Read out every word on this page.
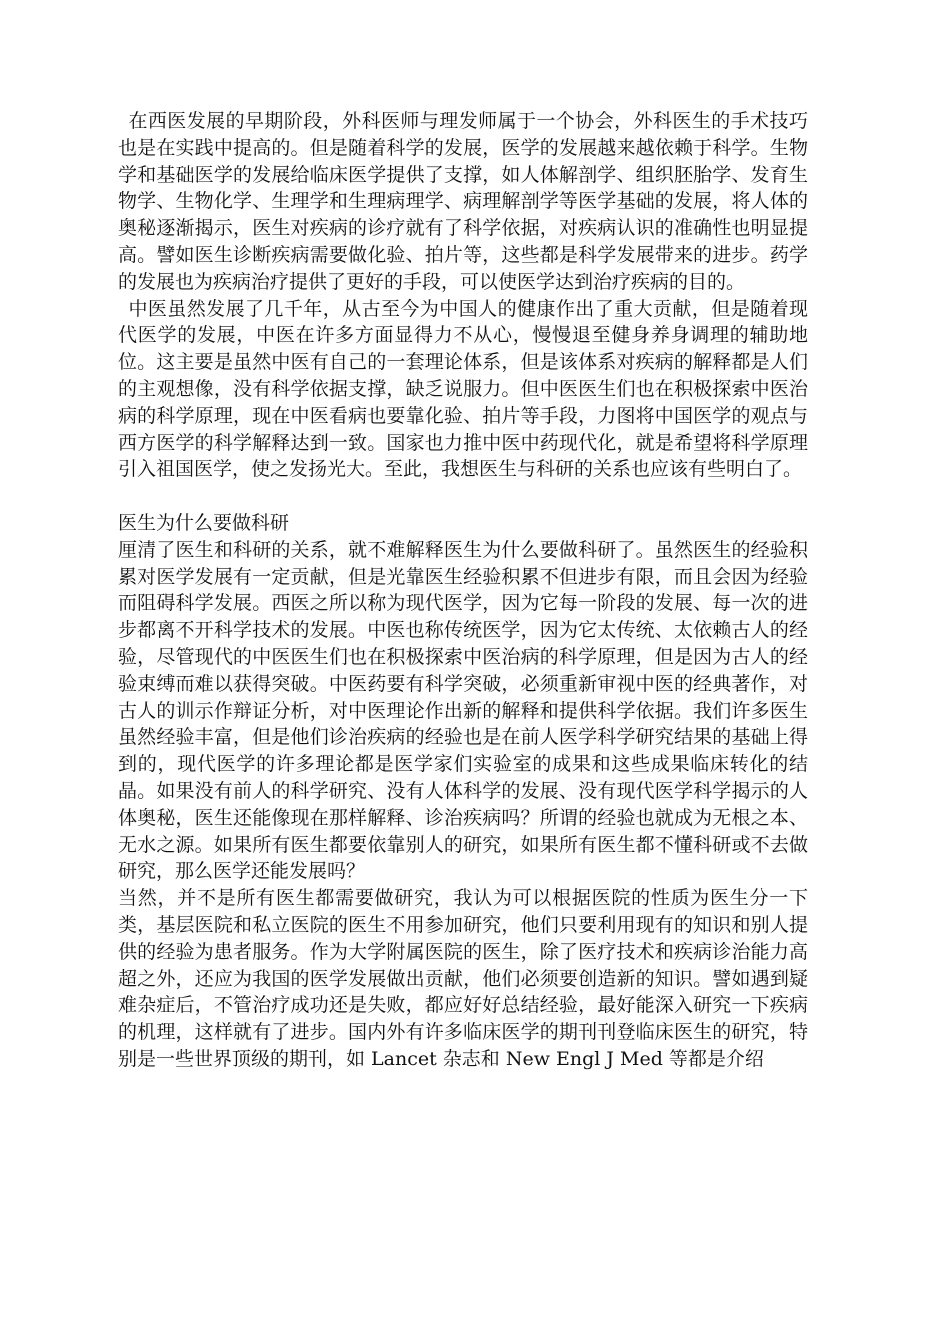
在西医发展的早期阶段，外科医师与理发师属于一个协会，外科医生的手术技巧也是在实践中提高的。但是随着科学的发展，医学的发展越来越依赖于科学。生物学和基础医学的发展给临床医学提供了支撑，如人体解剖学、组织胚胎学、发育生物学、生物化学、生理学和生理病理学、病理解剖学等医学基础的发展，将人体的奥秘逐渐揭示，医生对疾病的诊疗就有了科学依据，对疾病认识的准确性也明显提高。譬如医生诊断疾病需要做化验、拍片等，这些都是科学发展带来的进步。药学的发展也为疾病治疗提供了更好的手段，可以使医学达到治疗疾病的目的。

中医虽然发展了几千年，从古至今为中国人的健康作出了重大贡献，但是随着现代医学的发展，中医在许多方面显得力不从心，慢慢退至健身养身调理的辅助地位。这主要是虽然中医有自己的一套理论体系，但是该体系对疾病的解释都是人们的主观想像，没有科学依据支撑，缺乏说服力。但中医医生们也在积极探索中医治病的科学原理，现在中医看病也要靠化验、拍片等手段，力图将中国医学的观点与西方医学的科学解释达到一致。国家也力推中医中药现代化，就是希望将科学原理引入祖国医学，使之发扬光大。至此，我想医生与科研的关系也应该有些明白了。

医生为什么要做科研

厘清了医生和科研的关系，就不难解释医生为什么要做科研了。虽然医生的经验积累对医学发展有一定贡献，但是光靠医生经验积累不但进步有限，而且会因为经验而阻碍科学发展。西医之所以称为现代医学，因为它每一阶段的发展、每一次的进步都离不开科学技术的发展。中医也称传统医学，因为它太传统、太依赖古人的经验，尽管现代的中医医生们也在积极探索中医治病的科学原理，但是因为古人的经验束缚而难以获得突破。中医药要有科学突破，必须重新审视中医的经典著作，对古人的训示作辩证分析，对中医理论作出新的解释和提供科学依据。我们许多医生虽然经验丰富，但是他们诊治疾病的经验也是在前人医学科学研究结果的基础上得到的，现代医学的许多理论都是医学家们实验室的成果和这些成果临床转化的结晶。如果没有前人的科学研究、没有人体科学的发展、没有现代医学科学揭示的人体奥秘，医生还能像现在那样解释、诊治疾病吗？所谓的经验也就成为无根之本、无水之源。如果所有医生都要依靠别人的研究，如果所有医生都不懂科研或不去做研究，那么医学还能发展吗？

当然，并不是所有医生都需要做研究，我认为可以根据医院的性质为医生分一下类，基层医院和私立医院的医生不用参加研究，他们只要利用现有的知识和别人提供的经验为患者服务。作为大学附属医院的医生，除了医疗技术和疾病诊治能力高超之外，还应为我国的医学发展做出贡献，他们必须要创造新的知识。譬如遇到疑难杂症后，不管治疗成功还是失败，都应好好总结经验，最好能深入研究一下疾病的机理，这样就有了进步。国内外有许多临床医学的期刊刊登临床医生的研究，特别是一些世界顶级的期刊，如 Lancet 杂志和 New Engl J Med 等都是介绍
